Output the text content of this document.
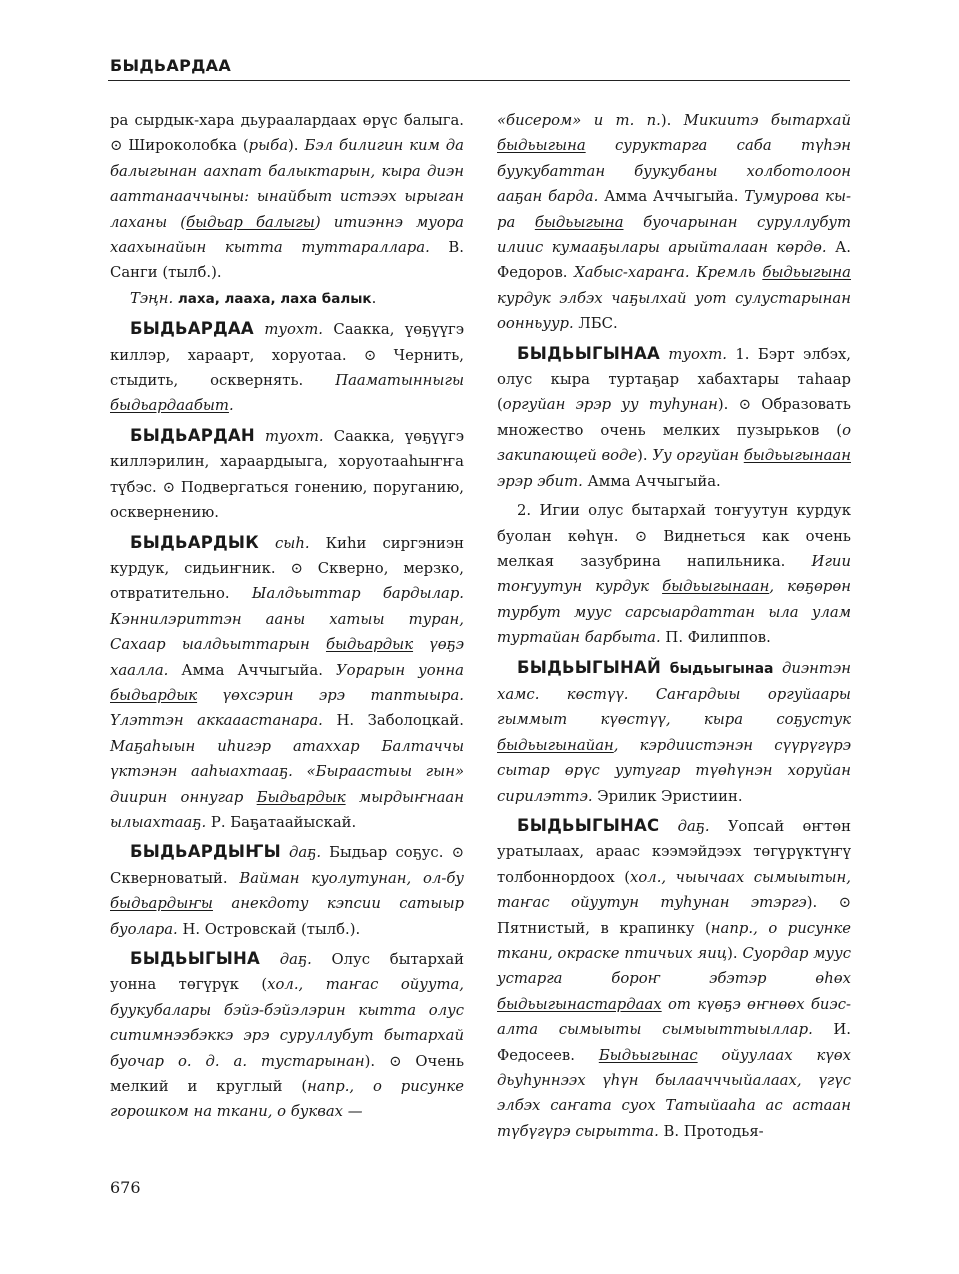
БЫДЬАРДАА

ра сырдык-хара дьураалардаах өрүс балыга. ⊙ Широколобка (рыба). Бэл билигин ким да балыгынан аахпат балыктарын, кыра диэн ааттанааччыны: ынайбыт истээх ырыган лаханы (быдьар балыгы) итиэннэ муора хаахынайын кытта туттараллара. В. Санги (тылб.).

Тэңн. лаха, лааха, лаха балык.

БЫДЬАРДАА туохт. Саакка, үөҕүүгэ киллэр, хараарт, хоруотаа. ⊙ Чернить, стыдить, осквернять. Пааматынныгы быдьардаабыт.

БЫДЬАРДАН туохт. Саакка, үөҕүүгэ киллэрилин, хараардыыга, хоруотааһыҥҥа түбэс. ⊙ Подвергаться гонению, поруганию, осквернению.

БЫДЬАРДЫК сыһ. Киһи сиргэниэн курдук, сидьиҥник. ⊙ Скверно, мерзко, отвратительно. Ыалдьыттар бардылар. Кэннилэриттэн ааны хатыы туран, Сахаар ыалдьыттарын быдьардык үөҕэ хаалла. Амма Аччыгыйа. Уорарын уонна быдьардык үөхсэрин эрэ таптыыра. Үлэттэн аккааастанара. Н. Заболоцкай. Маҕаһыын иһигэр атаххар Балтаччы үктэнэн ааһыахтааҕ. «Быраастыы гын» диирин оннугар Быдьардык мырдыҥнаан ылыахтааҕ. Р. Баҕатаайыскай.

БЫДЬАРДЫҤЫ даҕ. Быдьар соҕус. ⊙ Скверноватый. Вайман куолутунан, ол-бу быдьардыҥы анекдоту кэпсии сатыыр буолара. Н. Островскай (тылб.).

БЫДЬЫГЫНА даҕ. Олус бытархай уонна төгүрүк (хол., таҥас ойуута, буукубалары бэйэ-бэйэлэрин кытта олус ситимнээбэккэ эрэ суруллубут бытархай буочар о. д. а. тустарынан). ⊙ Очень мелкий и круглый (напр., о рисунке горошком на ткани, о буквах —

«бисером» и т. п.). Микиитэ бытархай быдьыгына суруктарга саба түһэн буукубаттан буукубаны холботолоон ааҕан барда. Амма Аччыгыйа. Тумурова кы-ра быдьыгына буочарынан суруллубут илиис кумааҕылары арыйталаан көрдө. А. Федоров. Хабыс-хараҥа. Кремль быдьыгына курдук элбэх чаҕылхай уот сулустарынан оонньуур. ЛБС.

БЫДЬЫГЫНАА туохт. 1. Бэрт элбэх, олус кыра туртаҕар хабахтары таһаар (оргуйан эрэр уу туһунан). ⊙ Образовать множество очень мелких пузырьков (о закипающей воде). Уу оргуйан быдьыгынаан эрэр эбит. Амма Аччыгыйа.

2. Игии олус бытархай тоҥуутун курдук буолан көһүн. ⊙ Виднеться как очень мелкая зазубрина напильника. Игии тоҥуутун курдук быдьыгынаан, көҕөрөн турбут муус сарсыардаттан ыла улам туртайан барбыта. П. Филиппов.

БЫДЬЫГЫНАЙ быдьыгынаа диэнтэн хамс. көстүү. Саҥардыы оргуйаары гыммыт күөстүү, кыра соҕустук быдьыгынайан, кэрдиистэнэн сүүрүгүрэ сытар өрүс уутугар түөһүнэн хоруйан сирилэттэ. Эрилик Эристиин.

БЫДЬЫГЫНАС даҕ. Уопсай өҥтөн уратылаах, араас кээмэйдээх төгүрүктүҥү толбоннордоох (хол., чыычаах сымыытын, таҥас ойуутун туһунан этэргэ). ⊙ Пятнистый, в крапинку (напр., о рисунке ткани, окраске птичьих яиц). Суордар муус устарга бороҥ эбэтэр өһөх быдьыгынастардаах от күөҕэ өҥнөөх биэс-алта сымыыты сымыыттыыллар. И. Федосеев. Быдьыгынас ойуулаах күөх дьуһуннээх үһүн былаачччыйалаах, үгүс элбэх саҥата суох Татыйааһа ас астаан түбүгүрэ сырытта. В. Протодья-

676
